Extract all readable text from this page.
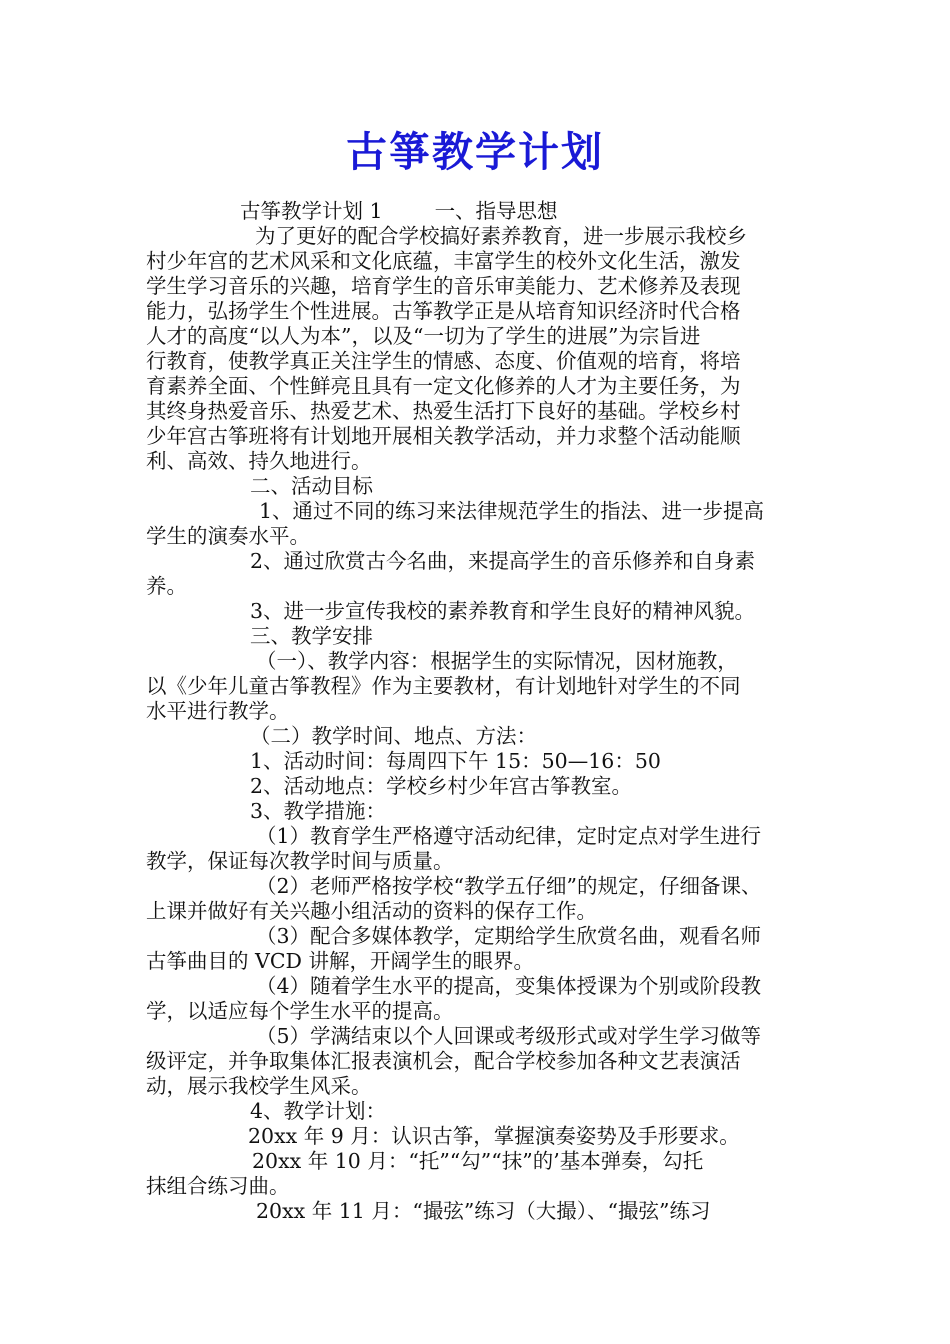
古箏教学计划
古筝教学计划 1	一、指导思想
为了更好的配合学校搞好素养教育，进一步展示我校乡
村少年宫的艺术风采和文化底蕴，丰富学生的校外文化生活，激发
学生学习音乐的兴趣，培育学生的音乐审美能力、艺术修养及表现
能力，弘扬学生个性进展。古筝教学正是从培育知识经济时代合格
人才的高度“以人为本”，以及“一切为了学生的进展”为宗旨进
行教育，使教学真正关注学生的情感、态度、价值观的培育，将培
育素养全面、个性鲜亮且具有一定文化修养的人才为主要任务，为
其终身热爱音乐、热爱艺术、热爱生活打下良好的基础。学校乡村
少年宫古筝班将有计划地开展相关教学活动，并力求整个活动能顺
利、高效、持久地进行。
二、活动目标
1、通过不同的练习来法律规范学生的指法、进一步提高
学生的演奏水平。
2、通过欣赏古今名曲，来提高学生的音乐修养和自身素
养。
3、进一步宣传我校的素养教育和学生良好的精神风貌。
三、教学安排
（一）、教学内容：根据学生的实际情况，因材施教，
以《少年儿童古筝教程》作为主要教材，有计划地针对学生的不同
水平进行教学。
（二）教学时间、地点、方法：
1、活动时间：每周四下午 15：50—16：50
2、活动地点：学校乡村少年宫古筝教室。
3、教学措施：
（1）教育学生严格遵守活动纪律，定时定点对学生进行
教学，保证每次教学时间与质量。
（2）老师严格按学校“教学五仔细”的规定，仔细备课、
上课并做好有关兴趣小组活动的资料的保存工作。
（3）配合多媒体教学，定期给学生欣赏名曲，观看名师
古筝曲目的 VCD 讲解，开阔学生的眼界。
（4）随着学生水平的提高，变集体授课为个别或阶段教
学，以适应每个学生水平的提高。
（5）学满结束以个人回课或考级形式或对学生学习做等
级评定，并争取集体汇报表演机会，配合学校参加各种文艺表演活
动，展示我校学生风采。
4、教学计划：
20xx 年 9 月：认识古筝，掌握演奏姿势及手形要求。
20xx 年 10 月：“托”“勾”“抹”的’基本弹奏，勾托
抹组合练习曲。
20xx 年 11 月：“撮弦”练习（大撮）、“撮弦”练习
